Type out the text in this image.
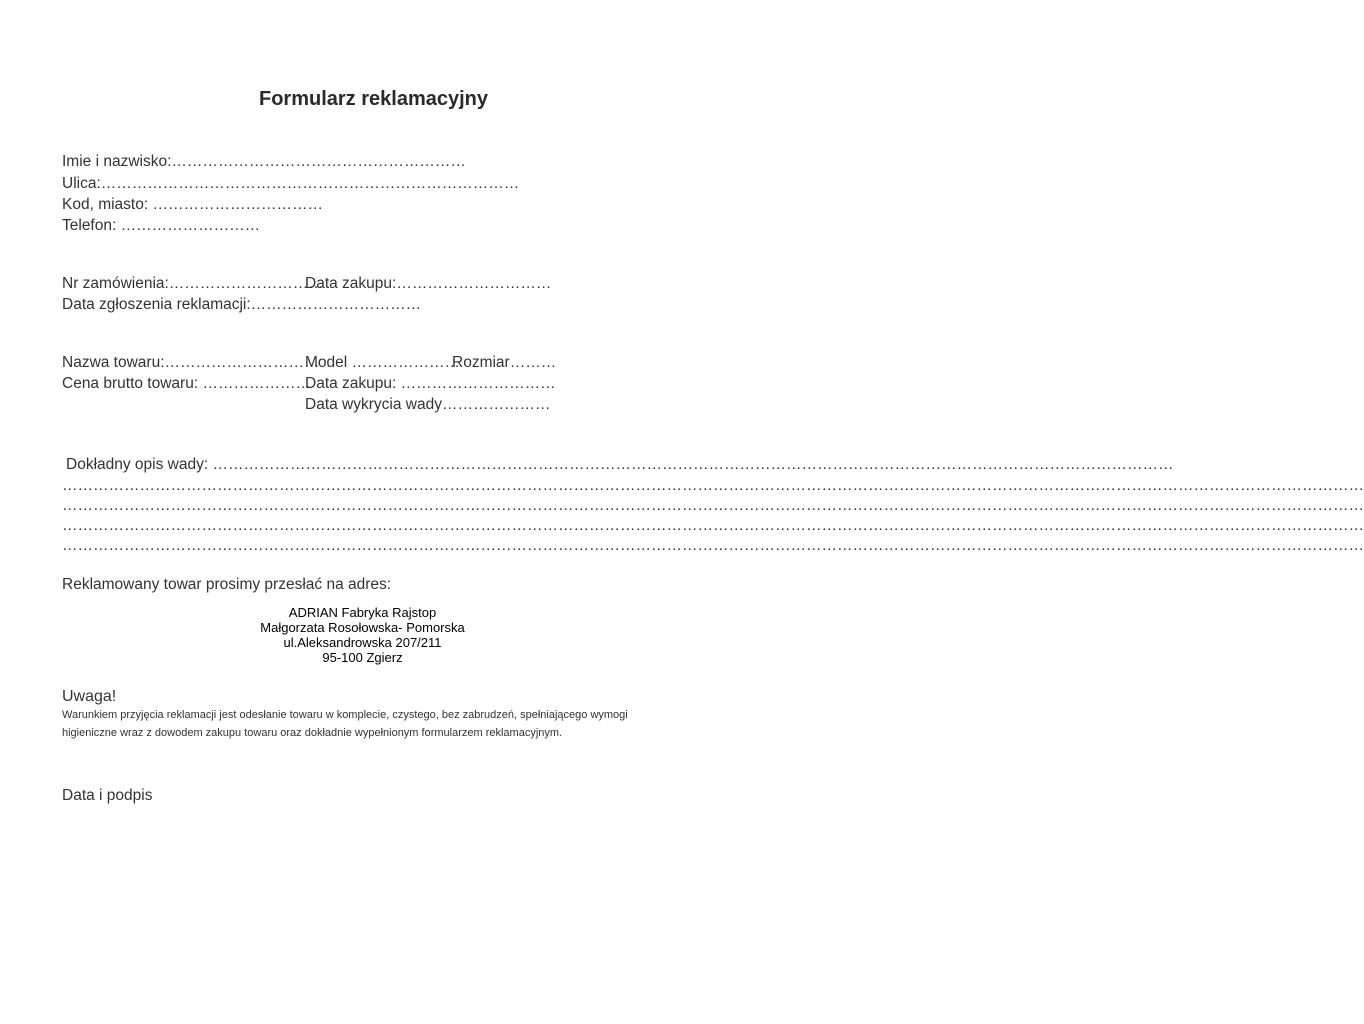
Formularz reklamacyjny
Imie i nazwisko:…………………………………………………
Ulica:………………………………………………………………………
Kod, miasto: ……………………………
Telefon: ………………………
Nr zamówienia:…………………………
Data zakupu:…………………………
Data zgłoszenia reklamacji:……………………………
Nazwa towaru:…………………………
Model …………………
Rozmiar………
Cena brutto towaru: …………………
Data zakupu: …………………………
Data wykrycia wady…………………
Dokładny opis wady: ……………………………………………………………………………………………………………………………………………………………………
………………………………………………………………………………………………………………………………………………………………………………………………………………………………
………………………………………………………………………………………………………………………………………………………………………………………………………………………………
………………………………………………………………………………………………………………………………………………………………………………………………………………………………
………………………………………………………………………………………………………………………………………………………………………………………………………………………………
Reklamowany towar prosimy przesłać na adres:
ADRIAN Fabryka Rajstop
Małgorzata Rosołowska- Pomorska
ul.Aleksandrowska 207/211
95-100 Zgierz
Uwaga!
Warunkiem przyjęcia reklamacji jest odesłanie towaru w komplecie, czystego, bez zabrudzeń, spełniającego wymogi
higieniczne wraz z dowodem zakupu towaru oraz dokładnie wypełnionym formularzem reklamacyjnym.
Data i podpis
